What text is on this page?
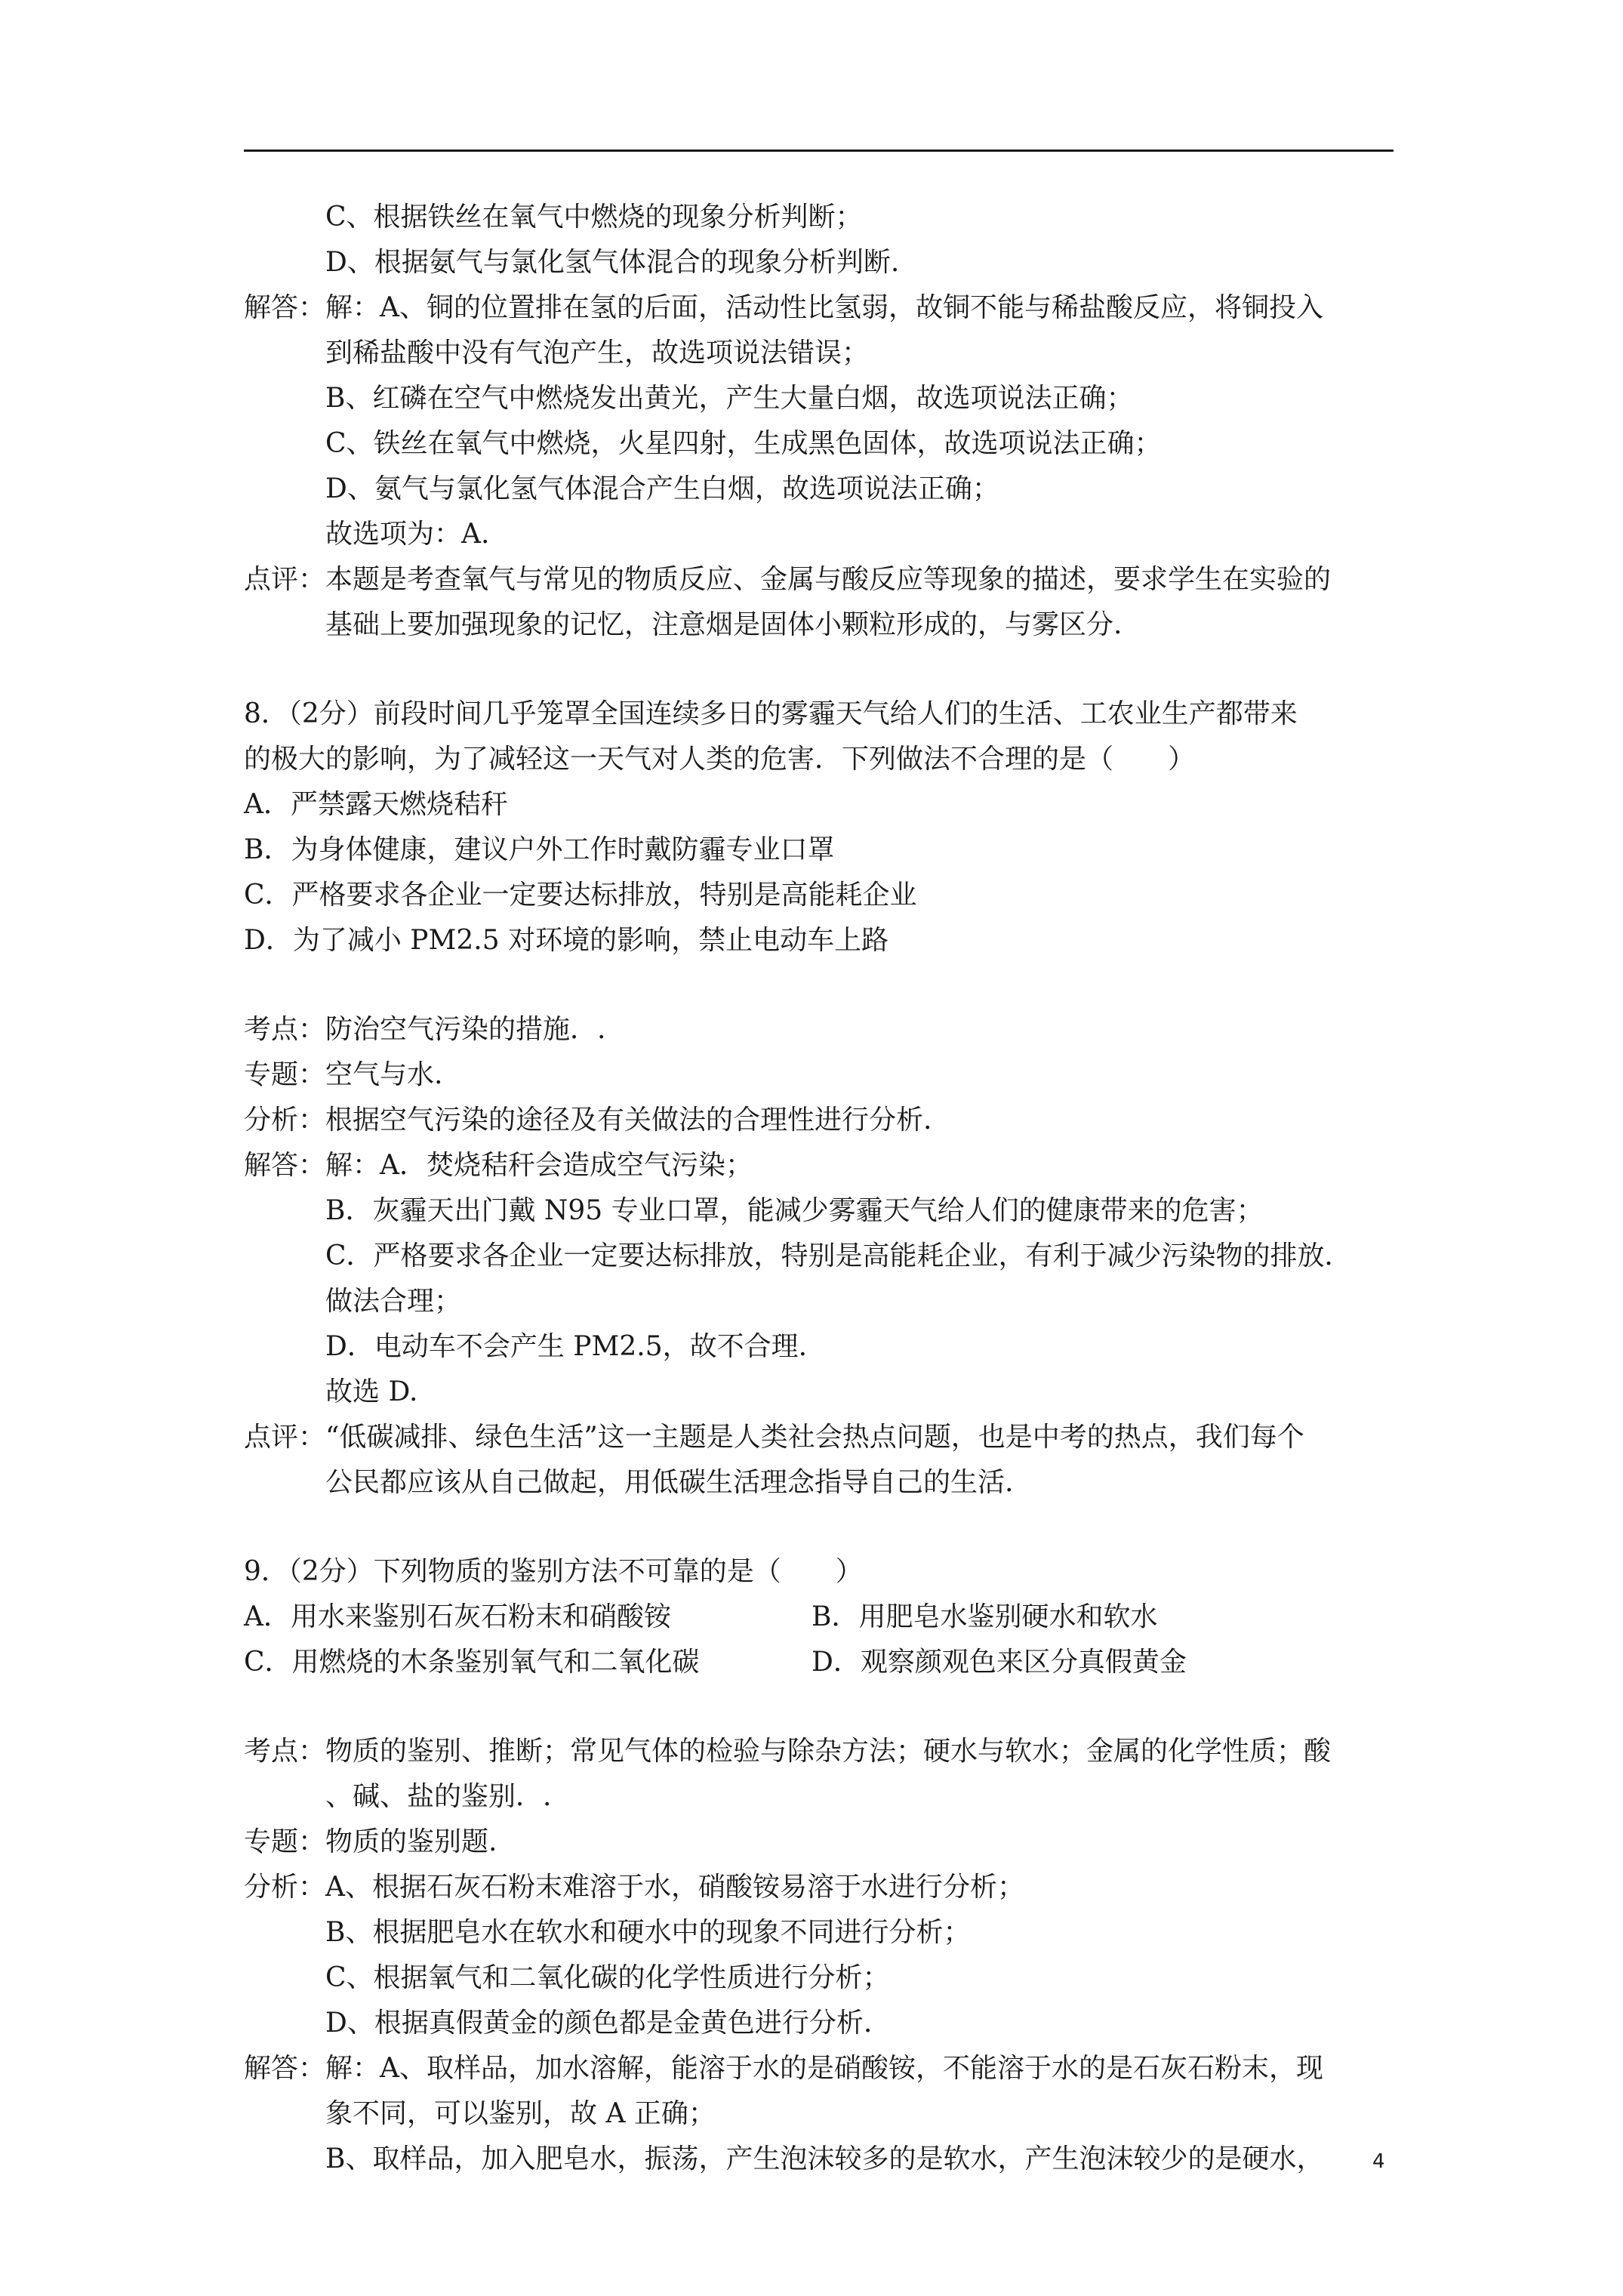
C、根据铁丝在氧气中燃烧的现象分析判断；
D、根据氨气与氯化氢气体混合的现象分析判断.
解答：解：A、铜的位置排在氢的后面，活动性比氢弱，故铜不能与稀盐酸反应，将铜投入
到稀盐酸中没有气泡产生，故选项说法错误；
B、红磷在空气中燃烧发出黄光，产生大量白烟，故选项说法正确；
C、铁丝在氧气中燃烧，火星四射，生成黑色固体，故选项说法正确；
D、氨气与氯化氢气体混合产生白烟，故选项说法正确；
故选项为：A.
点评：本题是考查氧气与常见的物质反应、金属与酸反应等现象的描述，要求学生在实验的
基础上要加强现象的记忆，注意烟是固体小颗粒形成的，与雾区分.
8．（2分）前段时间几乎笼罩全国连续多日的雾霾天气给人们的生活、工农业生产都带来
的极大的影响，为了减轻这一天气对人类的危害．下列做法不合理的是（　　）
A．严禁露天燃烧秸秆
B．为身体健康，建议户外工作时戴防霾专业口罩
C．严格要求各企业一定要达标排放，特别是高能耗企业
D．为了减小 PM2.5 对环境的影响，禁止电动车上路
考点：防治空气污染的措施．.
专题：空气与水.
分析：根据空气污染的途径及有关做法的合理性进行分析.
解答：解：A．焚烧秸秆会造成空气污染；
B．灰霾天出门戴 N95 专业口罩，能减少雾霾天气给人们的健康带来的危害；
C．严格要求各企业一定要达标排放，特别是高能耗企业，有利于减少污染物的排放．
做法合理；
D．电动车不会产生 PM2.5，故不合理.
故选 D.
点评：“低碳减排、绿色生活”这一主题是人类社会热点问题，也是中考的热点，我们每个
公民都应该从自己做起，用低碳生活理念指导自己的生活.
9．（2分）下列物质的鉴别方法不可靠的是（　　）
A．用水来鉴别石灰石粉末和硝酸铵	B．用肥皂水鉴别硬水和软水
C．用燃烧的木条鉴别氧气和二氧化碳	D．观察颜观色来区分真假黄金
考点：物质的鉴别、推断；常见气体的检验与除杂方法；硬水与软水；金属的化学性质；酸
、碱、盐的鉴别．.
专题：物质的鉴别题.
分析：A、根据石灰石粉末难溶于水，硝酸铵易溶于水进行分析；
B、根据肥皂水在软水和硬水中的现象不同进行分析；
C、根据氧气和二氧化碳的化学性质进行分析；
D、根据真假黄金的颜色都是金黄色进行分析.
解答：解：A、取样品，加水溶解，能溶于水的是硝酸铵，不能溶于水的是石灰石粉末，现
象不同，可以鉴别，故 A 正确；
B、取样品，加入肥皂水，振荡，产生泡沫较多的是软水，产生泡沫较少的是硬水，	4
